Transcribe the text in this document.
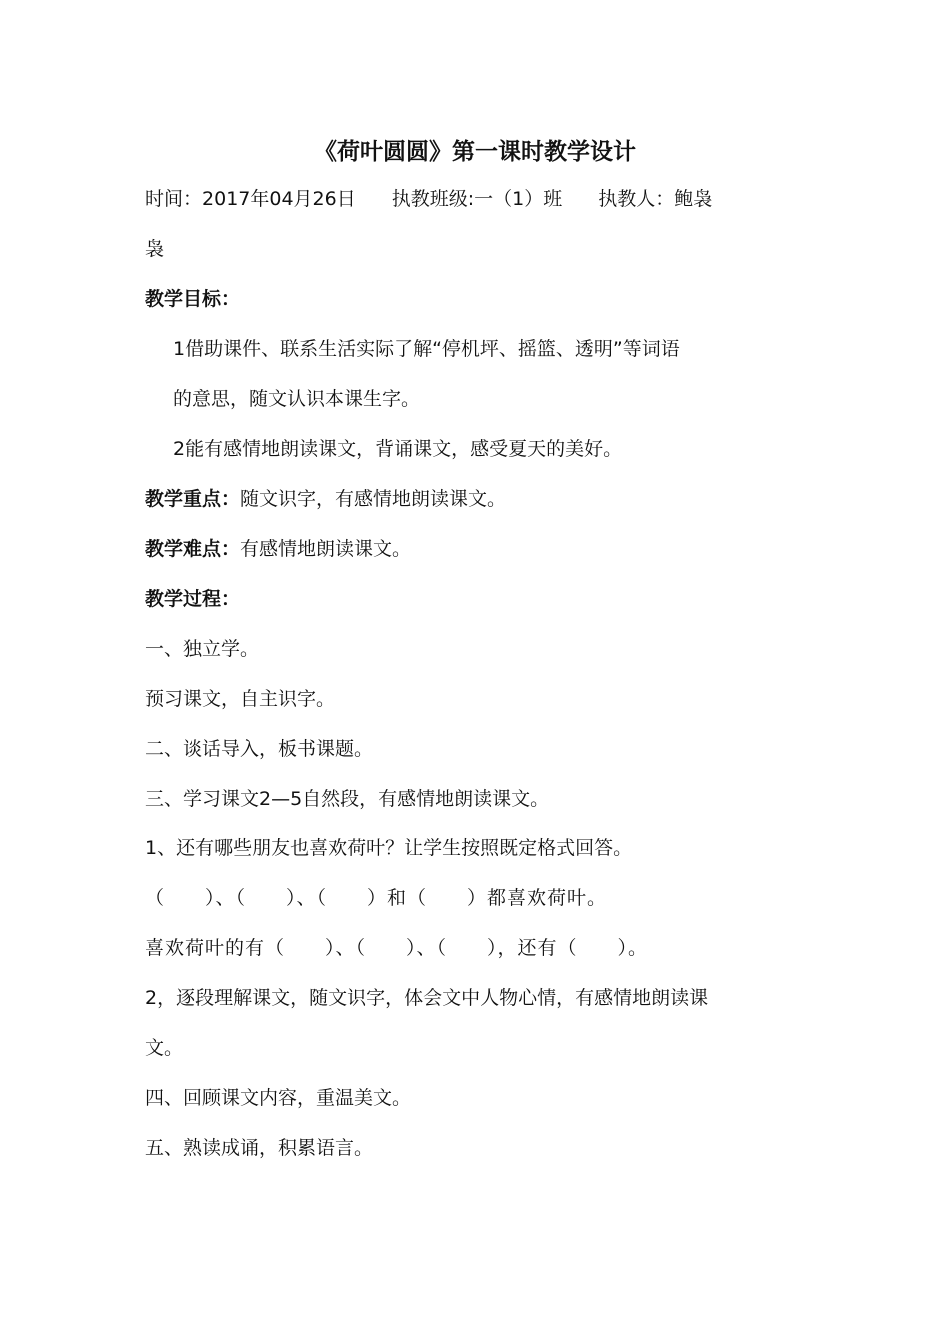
《荷叶圆圆》第一课时教学设计
时间：2017年04月26日 执教班级:一（1）班 执教人：鲍袅
袅
教学目标：
1借助课件、联系生活实际了解“停机坪、摇篮、透明”等词语
的意思，随文认识本课生字。
2能有感情地朗读课文，背诵课文，感受夏天的美好。
教学重点：随文识字，有感情地朗读课文。
教学难点：有感情地朗读课文。
教学过程：
一、独立学。
预习课文，自主识字。
二、谈话导入，板书课题。
三、学习课文2—5自然段，有感情地朗读课文。
1、还有哪些朋友也喜欢荷叶？让学生按照既定格式回答。
（　　）、（　　）、（　　）和（　　）都喜欢荷叶。
喜欢荷叶的有（　　）、（　　）、（　　），还有（　　）。
2，逐段理解课文，随文识字，体会文中人物心情，有感情地朗读课
文。
四、回顾课文内容，重温美文。
五、熟读成诵，积累语言。
